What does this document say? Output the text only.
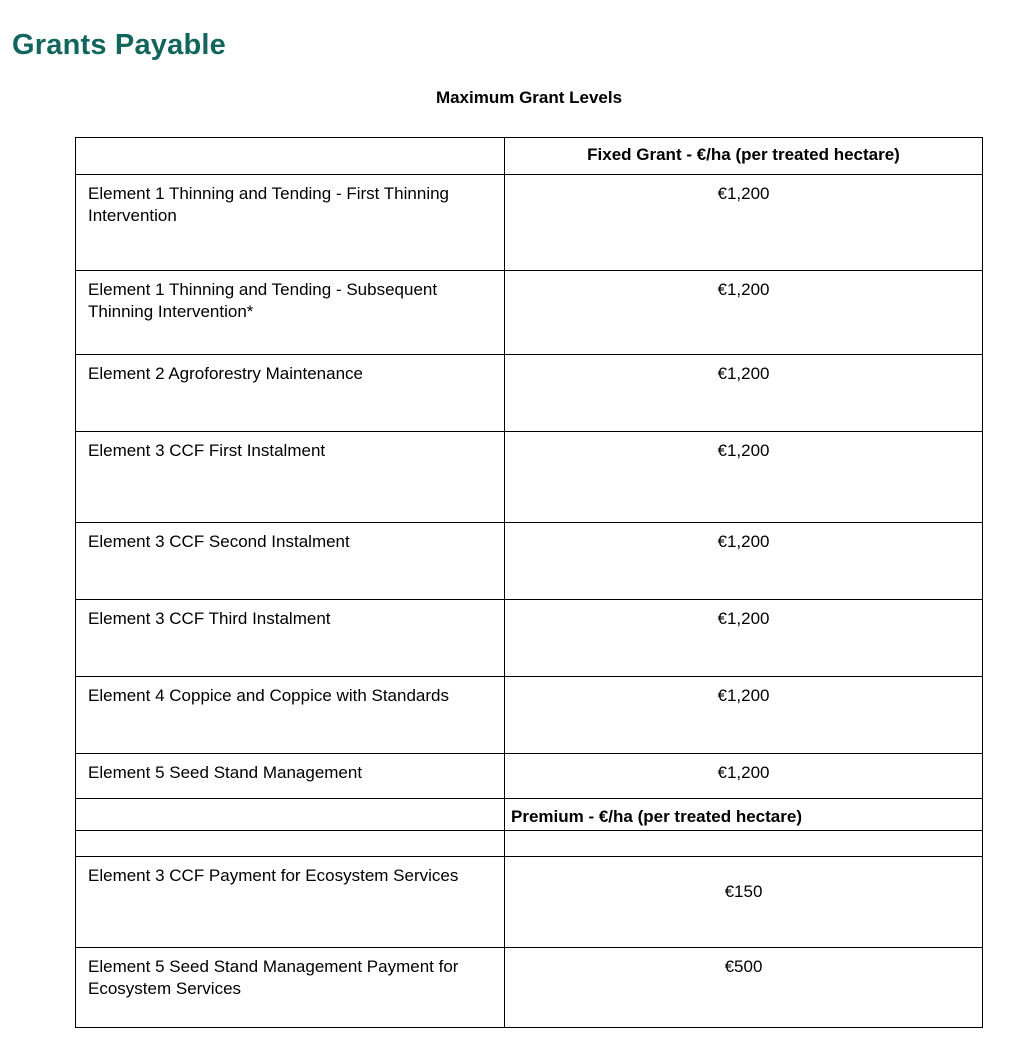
Grants Payable
Maximum Grant Levels
	Fixed Grant - €/ha (per treated hectare)
Element 1 Thinning and Tending - First Thinning Intervention	€1,200
Element 1 Thinning and Tending - Subsequent Thinning Intervention*	€1,200
Element 2 Agroforestry Maintenance	€1,200
Element 3 CCF First Instalment	€1,200
Element 3 CCF Second Instalment	€1,200
Element 3 CCF Third Instalment	€1,200
Element 4 Coppice and Coppice with Standards	€1,200
Element 5 Seed Stand Management	€1,200
	Premium - €/ha (per treated hectare)
Element 3 CCF Payment for Ecosystem Services	€150
Element 5 Seed Stand Management Payment for Ecosystem Services	€500
